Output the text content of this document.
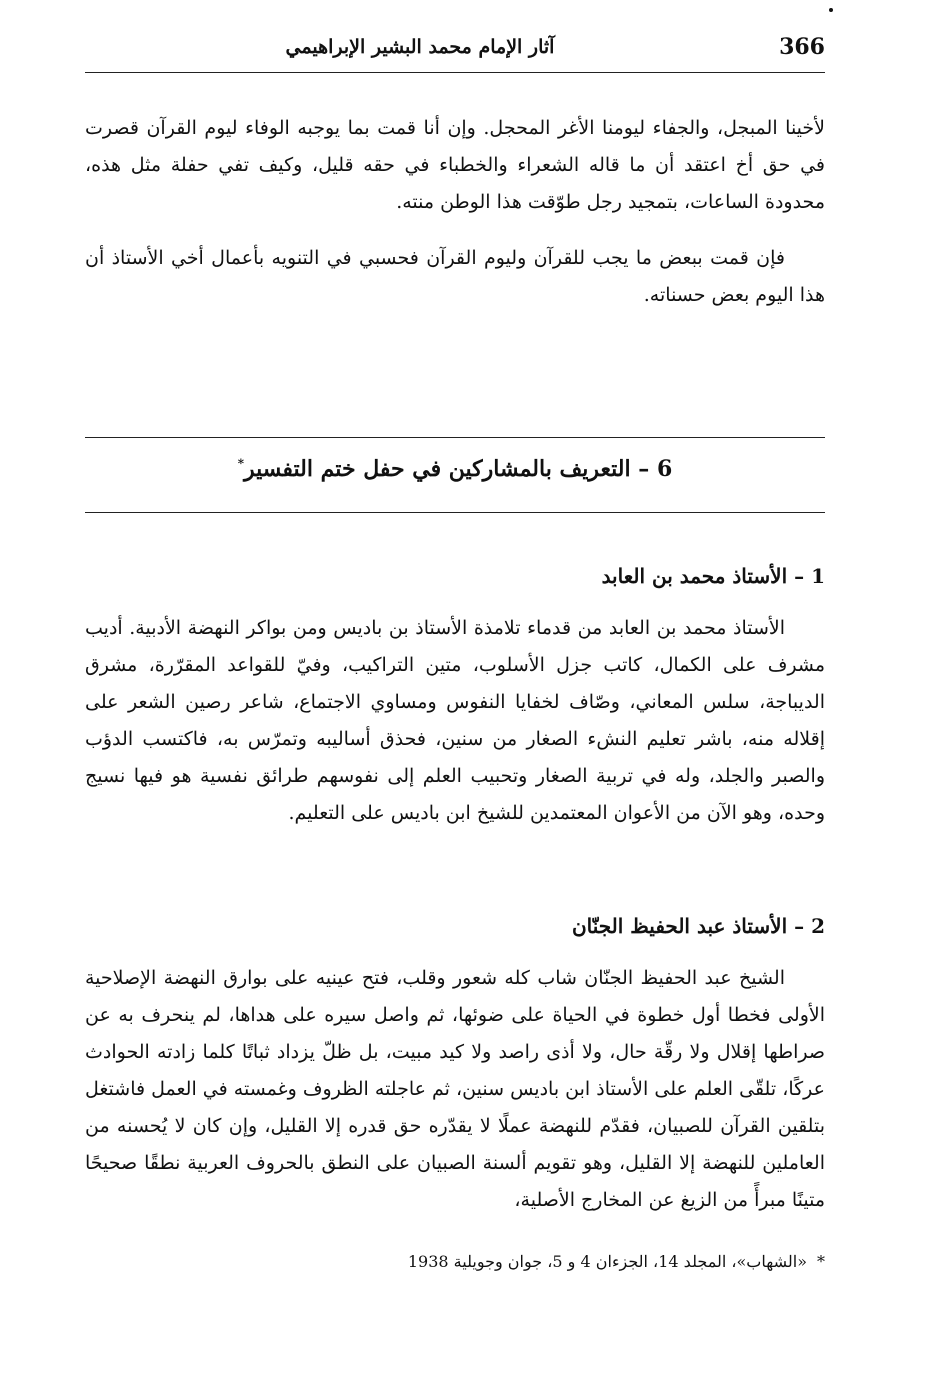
366
آثار الإمام محمد البشير الإبراهيمي

لأخينا المبجل، والجفاء ليومنا الأغر المحجل. وإن أنا قمت بما يوجبه الوفاء ليوم القرآن قصرت في حق أخ اعتقد أن ما قاله الشعراء والخطباء في حقه قليل، وكيف تفي حفلة مثل هذه، محدودة الساعات، بتمجيد رجل طوّقت هذا الوطن منته.

فإن قمت ببعض ما يجب للقرآن وليوم القرآن فحسبي في التنويه بأعمال أخي الأستاذ أن هذا اليوم بعض حسناته.

6 – التعريف بالمشاركين في حفل ختم التفسير*
1 – الأستاذ محمد بن العابد

الأستاذ محمد بن العابد من قدماء تلامذة الأستاذ بن باديس ومن بواكر النهضة الأدبية. أديب مشرف على الكمال، كاتب جزل الأسلوب، متين التراكيب، وفيّ للقواعد المقرّرة، مشرق الديباجة، سلس المعاني، وصّاف لخفايا النفوس ومساوي الاجتماع، شاعر رصين الشعر على إقلاله منه، باشر تعليم النشء الصغار من سنين، فحذق أساليبه وتمرّس به، فاكتسب الدؤب والصبر والجلد، وله في تربية الصغار وتحبيب العلم إلى نفوسهم طرائق نفسية هو فيها نسيج وحده، وهو الآن من الأعوان المعتمدين للشيخ ابن باديس على التعليم.

2 – الأستاذ عبد الحفيظ الجنّان

الشيخ عبد الحفيظ الجنّان شاب كله شعور وقلب، فتح عينيه على بوارق النهضة الإصلاحية الأولى فخطا أول خطوة في الحياة على ضوئها، ثم واصل سيره على هداها، لم ينحرف به عن صراطها إقلال ولا رقّة حال، ولا أذى راصد ولا كيد مبيت، بل ظلّ يزداد ثباتًا كلما زادته الحوادث عركًا، تلقّى العلم على الأستاذ ابن باديس سنين، ثم عاجلته الظروف وغمسته في العمل فاشتغل بتلقين القرآن للصبيان، فقدّم للنهضة عملًا لا يقدّره حق قدره إلا القليل، وإن كان لا يُحسنه من العاملين للنهضة إلا القليل، وهو تقويم ألسنة الصبيان على النطق بالحروف العربية نطقًا صحيحًا متينًا مبرأً من الزيغ عن المخارج الأصلية،

*«الشهاب»، المجلد 14، الجزءان 4 و 5، جوان وجويلية 1938
